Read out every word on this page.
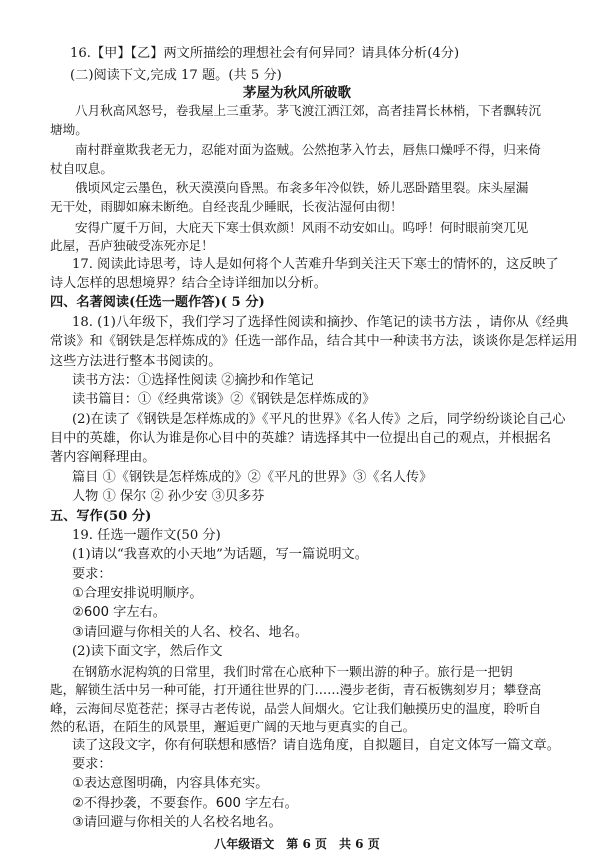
16.【甲】【乙】两文所描绘的理想社会有何异同？请具体分析(4分)
(二)阅读下文,完成 17 题。(共 5 分)
茅屋为秋风所破歌
八月秋高风怒号，卷我屋上三重茅。茅飞渡江洒江郊，高者挂罥长林梢，下者飘转沉
塘坳。
南村群童欺我老无力，忍能对面为盗贼。公然抱茅入竹去，唇焦口燥呼不得，归来倚
杖自叹息。
俄顷风定云墨色，秋天漠漠向昏黑。布衾多年冷似铁，娇儿恶卧踏里裂。床头屋漏
无干处，雨脚如麻未断绝。自经丧乱少睡眠，长夜沾湿何由彻！
安得广厦千万间，大庇天下寒士俱欢颜！风雨不动安如山。呜呼！何时眼前突兀见
此屋，吾庐独破受冻死亦足！
17. 阅读此诗思考，诗人是如何将个人苦难升华到关注天下寒士的情怀的，这反映了
诗人怎样的思想境界？结合全诗详细加以分析。
四、名著阅读(任选一题作答)( 5 分)
18. (1)八年级下，我们学习了选择性阅读和摘抄、作笔记的读书方法 ，请你从《经典
常谈》和《钢铁是怎样炼成的》任选一部作品，结合其中一种读书方法，谈谈你是怎样运用
这些方法进行整本书阅读的。
读书方法：①选择性阅读 ②摘抄和作笔记
读书篇目：①《经典常谈》②《钢铁是怎样炼成的》
(2)在读了《钢铁是怎样炼成的》《平凡的世界》《名人传》之后，同学纷纷谈论自己心
目中的英雄，你认为谁是你心目中的英雄？请选择其中一位提出自己的观点，并根据名
著内容阐释理由。
篇目 ①《钢铁是怎样炼成的》②《平凡的世界》③《名人传》
人物 ① 保尔 ② 孙少安 ③贝多芬
五、写作(50 分)
19. 任选一题作文(50 分)
(1)请以“我喜欢的小天地”为话题，写一篇说明文。
要求：
①合理安排说明顺序。
②600 字左右。
③请回避与你相关的人名、校名、地名。
(2)读下面文字，然后作文
在钢筋水泥构筑的日常里，我们时常在心底种下一颗出游的种子。旅行是一把钥
匙，解锁生活中另一种可能，打开通往世界的门……漫步老街，青石板镌刻岁月；攀登高
峰，云海间尽览苍茫；探寻古老传说，品尝人间烟火。它让我们触摸历史的温度，聆听自
然的私语，在陌生的风景里，邂逅更广阔的天地与更真实的自己。
读了这段文字，你有何联想和感悟？请自选角度，自拟题目，自定文体写一篇文章。
要求：
①表达意图明确，内容具体充实。
②不得抄袭，不要套作。600 字左右。
③请回避与你相关的人名校名地名。
八年级语文　第 6 页　共 6 页
